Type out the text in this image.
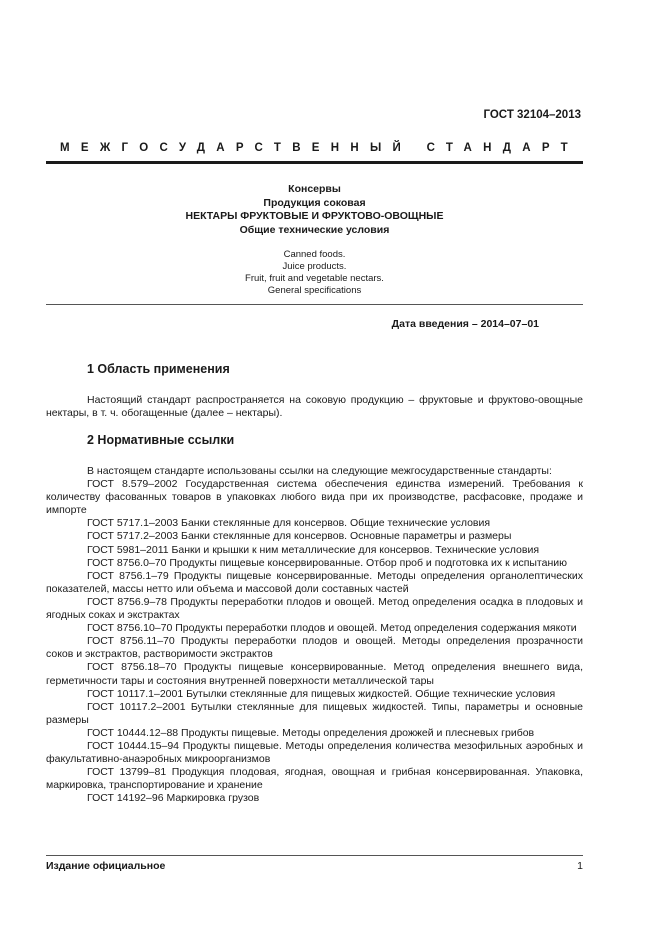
ГОСТ 32104–2013
МЕЖГОСУДАРСТВЕННЫЙ СТАНДАРТ
Консервы
Продукция соковая
НЕКТАРЫ ФРУКТОВЫЕ И ФРУКТОВО-ОВОЩНЫЕ
Общие технические условия
Canned foods.
Juice products.
Fruit, fruit and vegetable nectars.
General specifications
Дата введения – 2014–07–01
1 Область применения

Настоящий стандарт распространяется на соковую продукцию – фруктовые и фруктово-овощные нектары, в т. ч. обогащенные (далее – нектары).

2 Нормативные ссылки

В настоящем стандарте использованы ссылки на следующие межгосударственные стандарты:

ГОСТ 8.579–2002 Государственная система обеспечения единства измерений. Требования к количеству фасованных товаров в упаковках любого вида при их производстве, расфасовке, продаже и импорте

ГОСТ 5717.1–2003 Банки стеклянные для консервов. Общие технические условия

ГОСТ 5717.2–2003 Банки стеклянные для консервов. Основные параметры и размеры

ГОСТ 5981–2011 Банки и крышки к ним металлические для консервов. Технические условия

ГОСТ 8756.0–70 Продукты пищевые консервированные. Отбор проб и подготовка их к испытанию

ГОСТ 8756.1–79 Продукты пищевые консервированные. Методы определения органолептических показателей, массы нетто или объема и массовой доли составных частей

ГОСТ 8756.9–78 Продукты переработки плодов и овощей. Метод определения осадка в плодовых и ягодных соках и экстрактах

ГОСТ 8756.10–70 Продукты переработки плодов и овощей. Метод определения содержания мякоти

ГОСТ 8756.11–70 Продукты переработки плодов и овощей. Методы определения прозрачности соков и экстрактов, растворимости экстрактов

ГОСТ 8756.18–70 Продукты пищевые консервированные. Метод определения внешнего вида, герметичности тары и состояния внутренней поверхности металлической тары

ГОСТ 10117.1–2001 Бутылки стеклянные для пищевых жидкостей. Общие технические условия

ГОСТ 10117.2–2001 Бутылки стеклянные для пищевых жидкостей. Типы, параметры и основные размеры

ГОСТ 10444.12–88 Продукты пищевые. Методы определения дрожжей и плесневых грибов

ГОСТ 10444.15–94 Продукты пищевые. Методы определения количества мезофильных аэробных и факультативно-анаэробных микроорганизмов

ГОСТ 13799–81 Продукция плодовая, ягодная, овощная и грибная консервированная. Упаковка, маркировка, транспортирование и хранение

ГОСТ 14192–96 Маркировка грузов

Издание официальное	1
